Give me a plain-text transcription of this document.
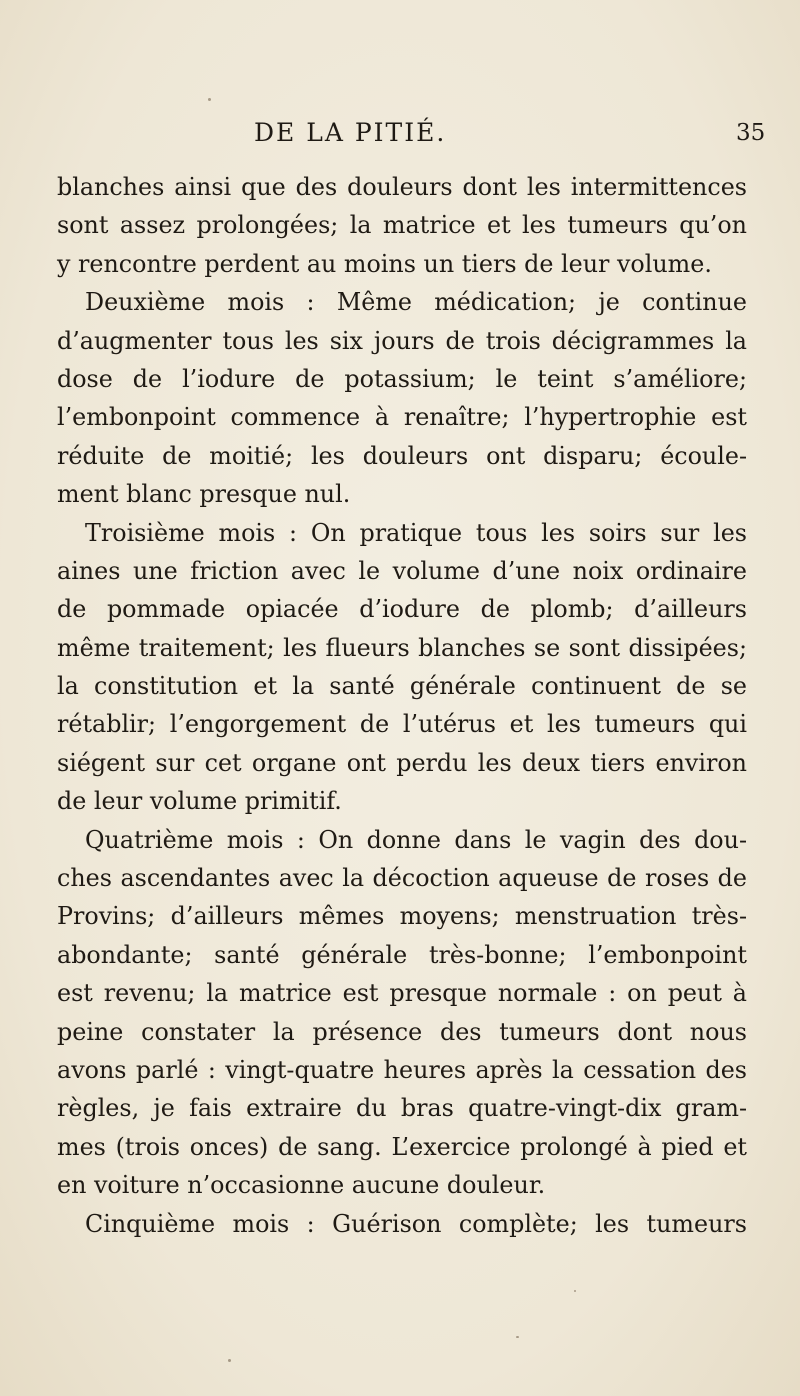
DE LA PITIÉ.	35
blanches ainsi que des douleurs dont les intermittences
sont assez prolongées; la matrice et les tumeurs qu’on
y rencontre perdent au moins un tiers de leur volume.
Deuxième mois : Même médication; je continue
d’augmenter tous les six jours de trois décigrammes la
dose de l’iodure de potassium; le teint s’améliore;
l’embonpoint commence à renaître; l’hypertrophie est
réduite de moitié; les douleurs ont disparu; écoule-
ment blanc presque nul.
Troisième mois : On pratique tous les soirs sur les
aines une friction avec le volume d’une noix ordinaire
de pommade opiacée d’iodure de plomb; d’ailleurs
même traitement; les flueurs blanches se sont dissipées;
la constitution et la santé générale continuent de se
rétablir; l’engorgement de l’utérus et les tumeurs qui
siégent sur cet organe ont perdu les deux tiers environ
de leur volume primitif.
Quatrième mois : On donne dans le vagin des dou-
ches ascendantes avec la décoction aqueuse de roses de
Provins; d’ailleurs mêmes moyens; menstruation très-
abondante; santé générale très-bonne; l’embonpoint
est revenu; la matrice est presque normale : on peut à
peine constater la présence des tumeurs dont nous
avons parlé : vingt-quatre heures après la cessation des
règles, je fais extraire du bras quatre-vingt-dix gram-
mes (trois onces) de sang. L’exercice prolongé à pied et
en voiture n’occasionne aucune douleur.
Cinquième mois : Guérison complète; les tumeurs
